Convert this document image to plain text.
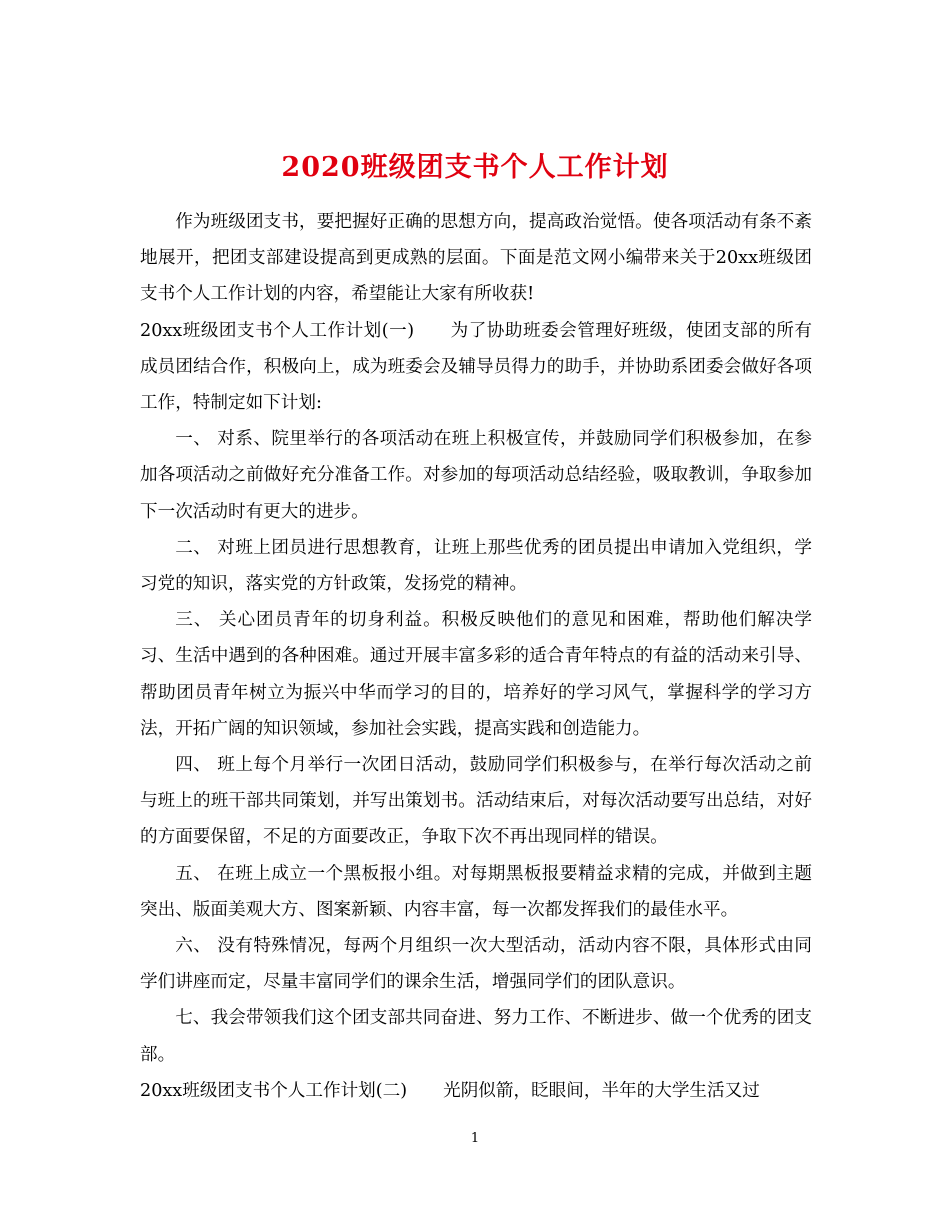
2020班级团支书个人工作计划

作为班级团支书，要把握好正确的思想方向，提高政治觉悟。使各项活动有条不紊地展开，把团支部建设提高到更成熟的层面。下面是范文网小编带来关于20xx班级团支书个人工作计划的内容，希望能让大家有所收获!

20xx班级团支书个人工作计划(一) 为了协助班委会管理好班级，使团支部的所有成员团结合作，积极向上，成为班委会及辅导员得力的助手，并协助系团委会做好各项工作，特制定如下计划:

一、 对系、院里举行的各项活动在班上积极宣传，并鼓励同学们积极参加，在参加各项活动之前做好充分准备工作。对参加的每项活动总结经验，吸取教训，争取参加下一次活动时有更大的进步。

二、 对班上团员进行思想教育，让班上那些优秀的团员提出申请加入党组织，学习党的知识，落实党的方针政策，发扬党的精神。

三、 关心团员青年的切身利益。积极反映他们的意见和困难，帮助他们解决学习、生活中遇到的各种困难。通过开展丰富多彩的适合青年特点的有益的活动来引导、帮助团员青年树立为振兴中华而学习的目的，培养好的学习风气，掌握科学的学习方法，开拓广阔的知识领域，参加社会实践，提高实践和创造能力。

四、 班上每个月举行一次团日活动，鼓励同学们积极参与，在举行每次活动之前与班上的班干部共同策划，并写出策划书。活动结束后，对每次活动要写出总结，对好的方面要保留，不足的方面要改正，争取下次不再出现同样的错误。

五、 在班上成立一个黑板报小组。对每期黑板报要精益求精的完成，并做到主题突出、版面美观大方、图案新颖、内容丰富，每一次都发挥我们的最佳水平。

六、 没有特殊情况，每两个月组织一次大型活动，活动内容不限，具体形式由同学们讲座而定，尽量丰富同学们的课余生活，增强同学们的团队意识。

七、我会带领我们这个团支部共同奋进、努力工作、不断进步、做一个优秀的团支部。

20xx班级团支书个人工作计划(二) 光阴似箭，眨眼间，半年的大学生活又过

1
